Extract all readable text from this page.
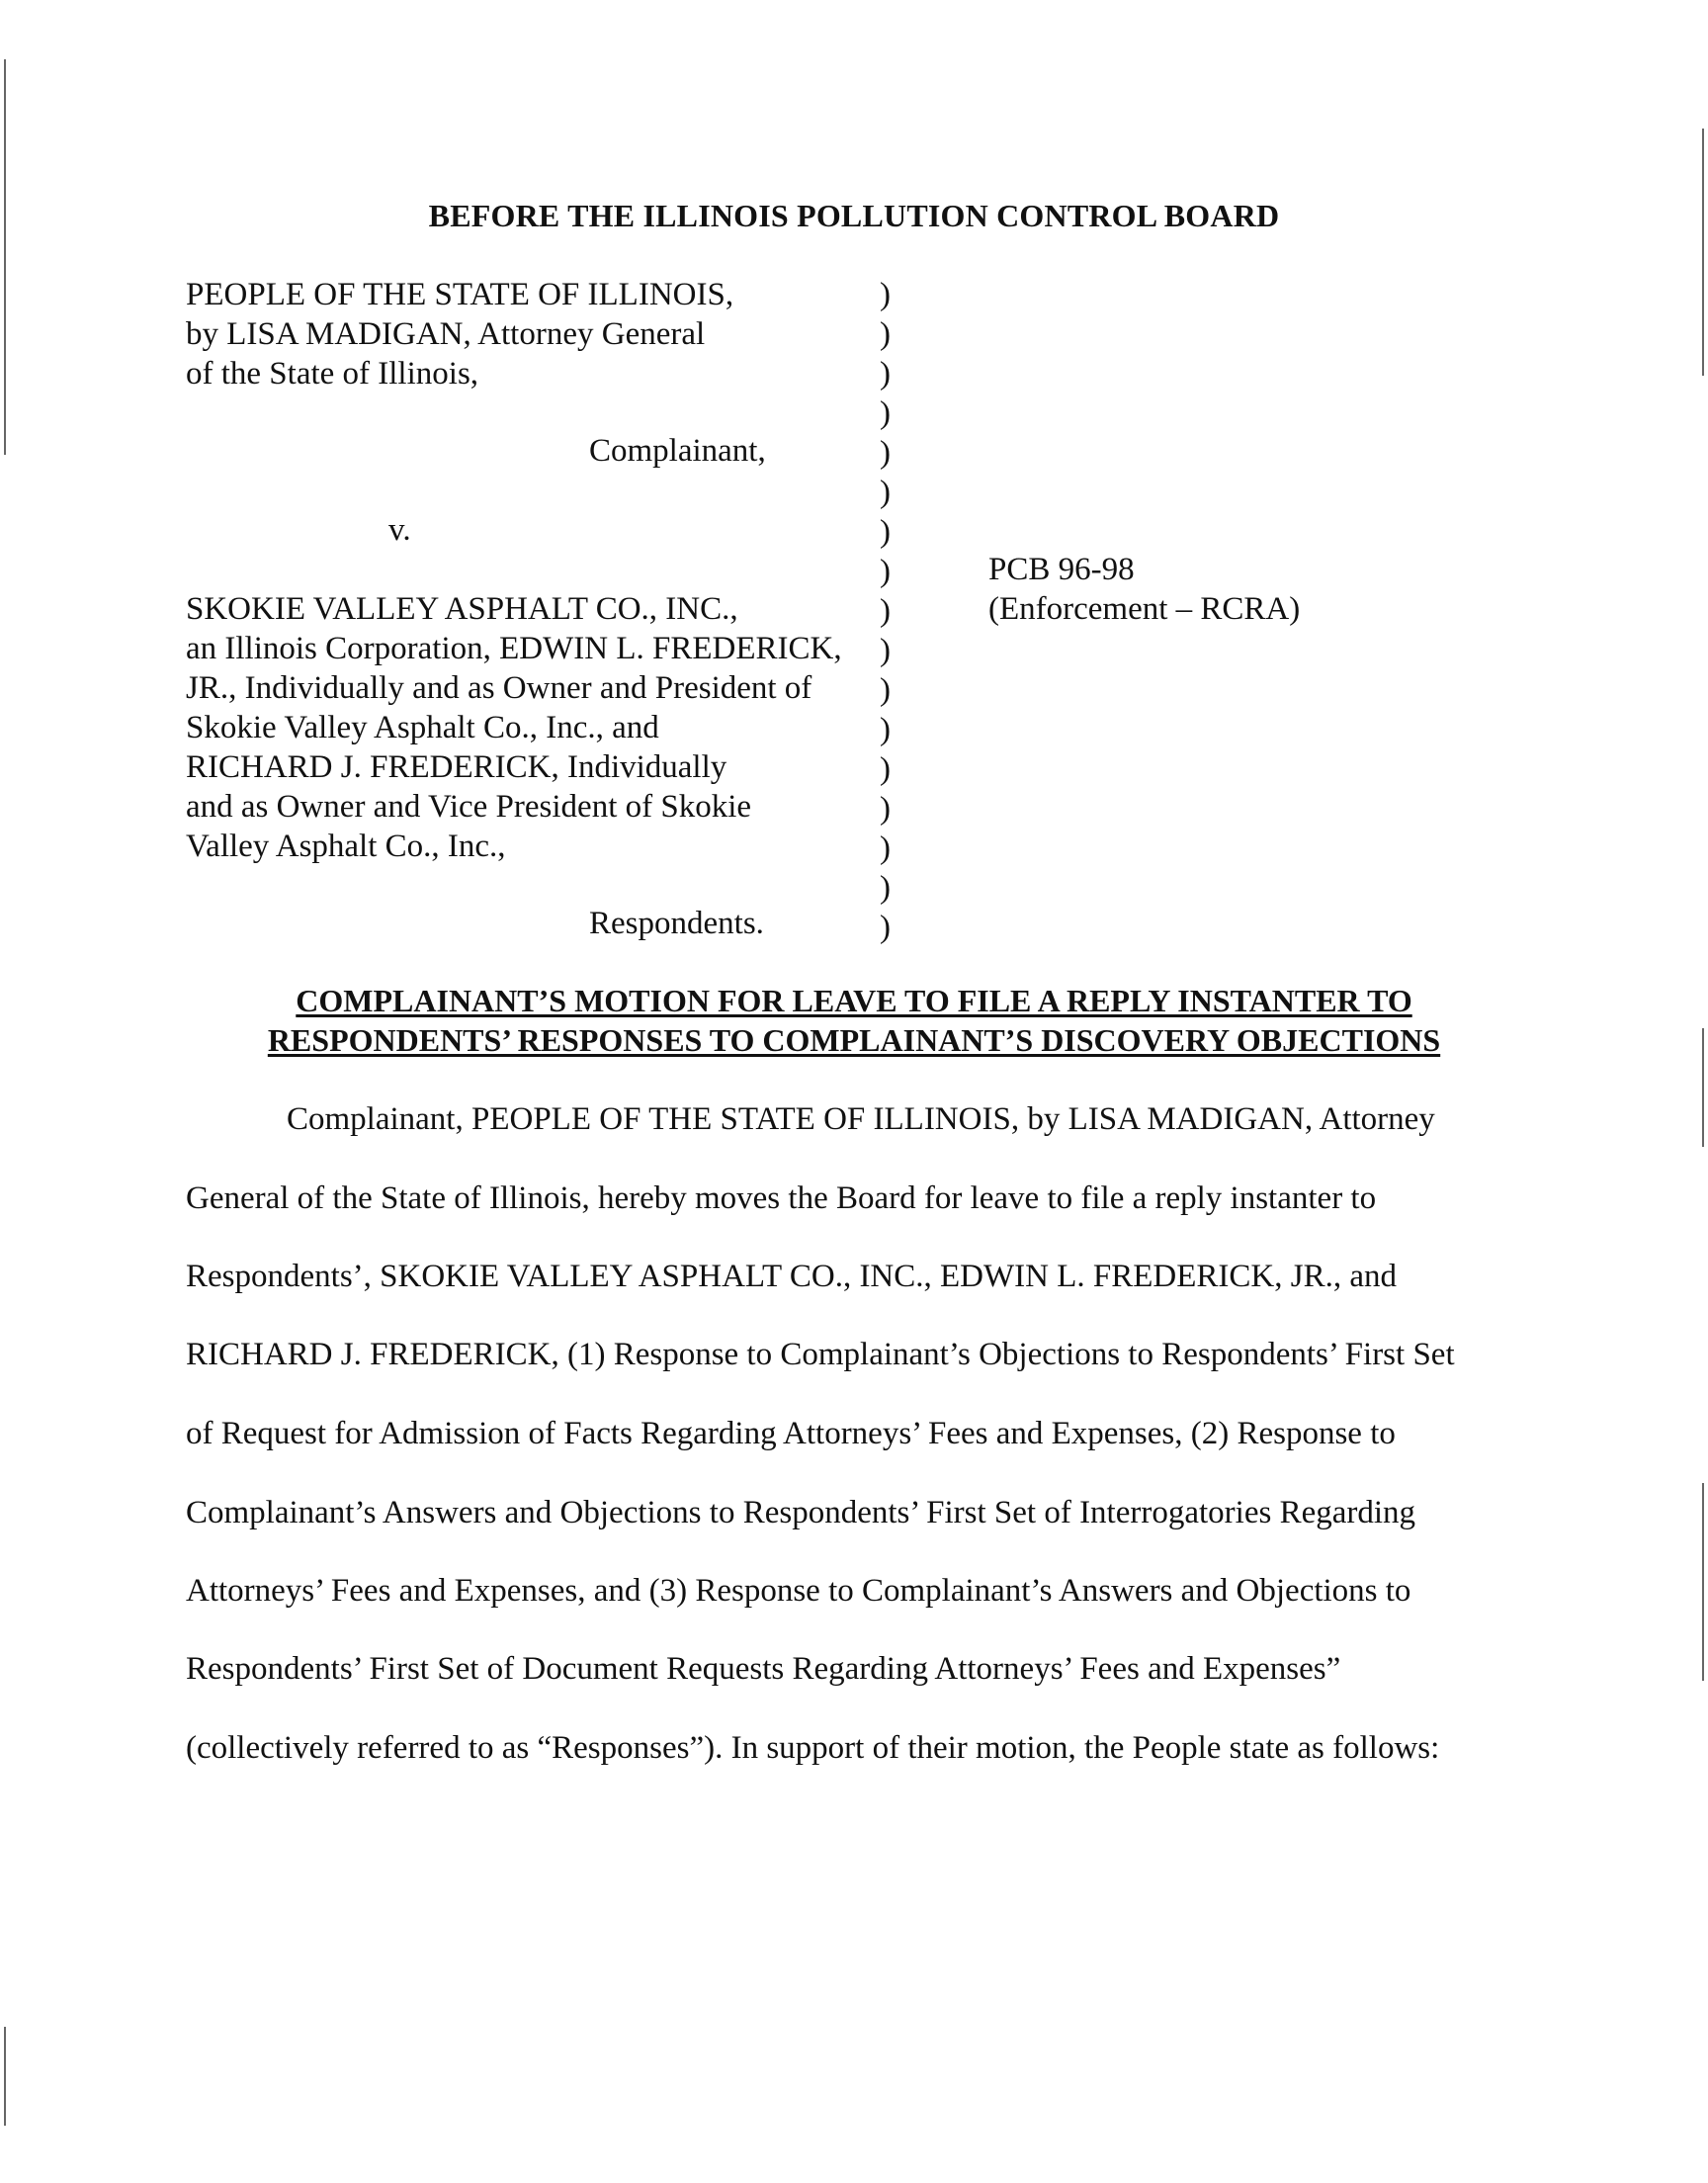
BEFORE THE ILLINOIS POLLUTION CONTROL BOARD
PEOPLE OF THE STATE OF ILLINOIS,
by LISA MADIGAN, Attorney General
of the State of Illinois,
Complainant,
v.
SKOKIE VALLEY ASPHALT CO., INC.,
an Illinois Corporation, EDWIN L. FREDERICK,
JR., Individually and as Owner and President of
Skokie Valley Asphalt Co., Inc., and
RICHARD J. FREDERICK, Individually
and as Owner and Vice President of Skokie
Valley Asphalt Co., Inc.,
Respondents.
)
)
)
)
)
)
)
)
)
)
)
)
)
)
)
)
)
PCB 96-98
(Enforcement – RCRA)
COMPLAINANT’S MOTION FOR LEAVE TO FILE A REPLY INSTANTER TO
RESPONDENTS’ RESPONSES TO COMPLAINANT’S DISCOVERY OBJECTIONS
Complainant, PEOPLE OF THE STATE OF ILLINOIS, by LISA MADIGAN, Attorney
General of the State of Illinois, hereby moves the Board for leave to file a reply instanter to
Respondents’, SKOKIE VALLEY ASPHALT CO., INC., EDWIN L. FREDERICK, JR., and
RICHARD J. FREDERICK, (1) Response to Complainant’s Objections to Respondents’ First Set
of Request for Admission of Facts Regarding Attorneys’ Fees and Expenses, (2) Response to
Complainant’s Answers and Objections to Respondents’ First Set of Interrogatories Regarding
Attorneys’ Fees and Expenses, and (3) Response to Complainant’s Answers and Objections to
Respondents’ First Set of Document Requests Regarding Attorneys’ Fees and Expenses”
(collectively referred to as “Responses”). In support of their motion, the People state as follows:
